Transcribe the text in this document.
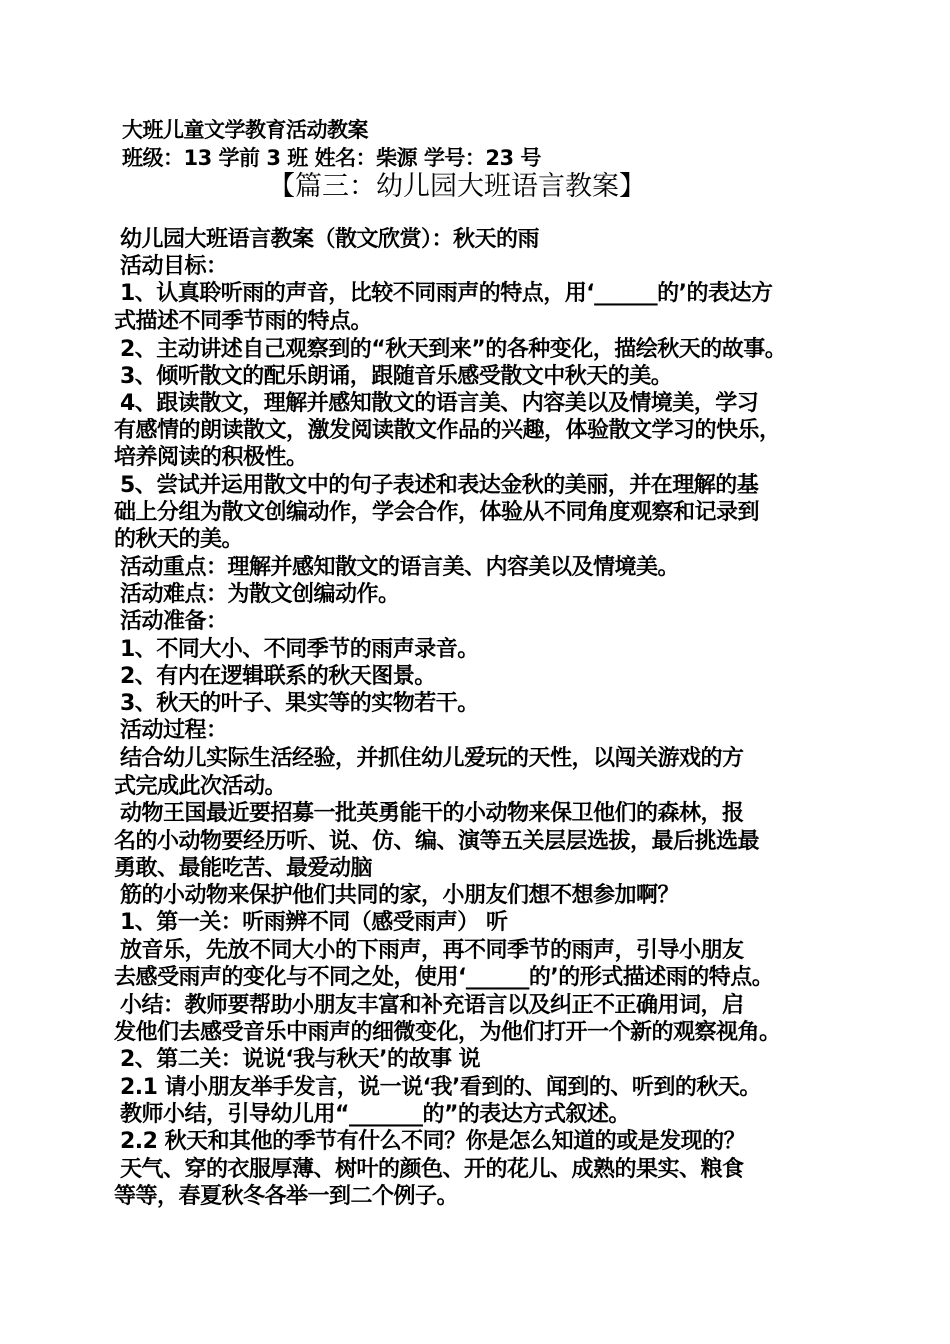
大班儿童文学教育活动教案
班级：13 学前 3 班 姓名：柴源 学号：23 号
【篇三：幼儿园大班语言教案】
幼儿园大班语言教案（散文欣赏）：秋天的雨
活动目标：
1、认真聆听雨的声音，比较不同雨声的特点，用‘______的’的表达方
式描述不同季节雨的特点。
2、主动讲述自己观察到的“秋天到来”的各种变化，描绘秋天的故事。
3、倾听散文的配乐朗诵，跟随音乐感受散文中秋天的美。
4、跟读散文，理解并感知散文的语言美、内容美以及情境美，学习
有感情的朗读散文，激发阅读散文作品的兴趣，体验散文学习的快乐，
培养阅读的积极性。
5、尝试并运用散文中的句子表述和表达金秋的美丽，并在理解的基
础上分组为散文创编动作，学会合作，体验从不同角度观察和记录到
的秋天的美。
活动重点：理解并感知散文的语言美、内容美以及情境美。
活动难点：为散文创编动作。
活动准备：
1、不同大小、不同季节的雨声录音。
2、有内在逻辑联系的秋天图景。
3、秋天的叶子、果实等的实物若干。
活动过程：
结合幼儿实际生活经验，并抓住幼儿爱玩的天性，以闯关游戏的方
式完成此次活动。
动物王国最近要招募一批英勇能干的小动物来保卫他们的森林，报
名的小动物要经历听、说、仿、编、演等五关层层选拔，最后挑选最
勇敢、最能吃苦、最爱动脑
筋的小动物来保护他们共同的家，小朋友们想不想参加啊？
1、第一关：听雨辨不同（感受雨声） 听
放音乐，先放不同大小的下雨声，再不同季节的雨声，引导小朋友
去感受雨声的变化与不同之处，使用‘______的’的形式描述雨的特点。
小结：教师要帮助小朋友丰富和补充语言以及纠正不正确用词，启
发他们去感受音乐中雨声的细微变化，为他们打开一个新的观察视角。
2、第二关：说说‘我与秋天’的故事 说
2.1 请小朋友举手发言，说一说‘我’看到的、闻到的、听到的秋天。
教师小结，引导幼儿用“_______的”的表达方式叙述。
2.2 秋天和其他的季节有什么不同？你是怎么知道的或是发现的？
天气、穿的衣服厚薄、树叶的颜色、开的花儿、成熟的果实、粮食
等等，春夏秋冬各举一到二个例子。
